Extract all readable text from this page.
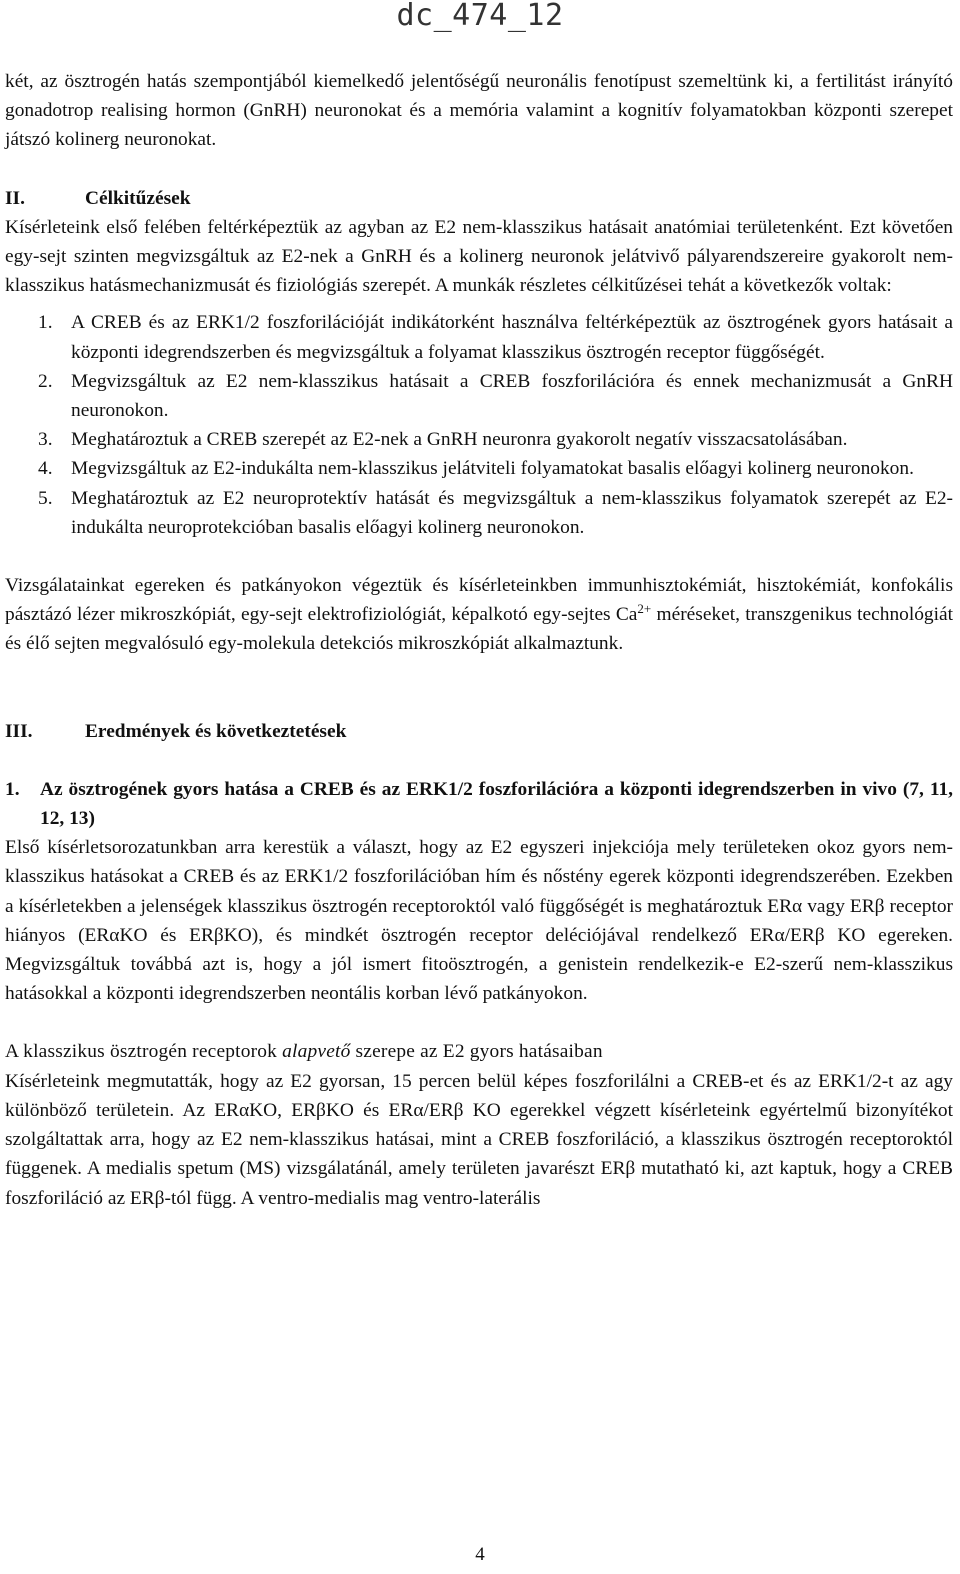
dc_474_12

két, az ösztrogén hatás szempontjából kiemelkedő jelentőségű neuronális fenotípust szemeltünk ki, a fertilitást irányító gonadotrop realising hormon (GnRH) neuronokat és a memória valamint a kognitív folyamatokban központi szerepet játszó kolinerg neuronokat.

II.	Célkitűzések

Kísérleteink első felében feltérképeztük az agyban az E2 nem-klasszikus hatásait anatómiai területenként. Ezt követően egy-sejt szinten megvizsgáltuk az E2-nek a GnRH és a kolinerg neuronok jelátvivő pályarendszereire gyakorolt nem-klasszikus hatásmechanizmusát és fiziológiás szerepét. A munkák részletes célkitűzései tehát a következők voltak:

1. A CREB és az ERK1/2 foszforilációját indikátorként használva feltérképeztük az ösztrogének gyors hatásait a központi idegrendszerben és megvizsgáltuk a folyamat klasszikus ösztrogén receptor függőségét.
2. Megvizsgáltuk az E2 nem-klasszikus hatásait a CREB foszforilációra és ennek mechanizmusát a GnRH neuronokon.
3. Meghatároztuk a CREB szerepét az E2-nek a GnRH neuronra gyakorolt negatív visszacsatolásában.
4. Megvizsgáltuk az E2-indukálta nem-klasszikus jelátviteli folyamatokat basalis előagyi kolinerg neuronokon.
5. Meghatároztuk az E2 neuroprotektív hatását és megvizsgáltuk a nem-klasszikus folyamatok szerepét az E2-indukálta neuroprotekcióban basalis előagyi kolinerg neuronokon.

Vizsgálatainkat egereken és patkányokon végeztük és kísérleteinkben immunhisztokémiát, hisztokémiát, konfokális pásztázó lézer mikroszkópiát, egy-sejt elektrofiziológiát, képalkotó egy-sejtes $Ca^{2+}$ méréseket, transzgenikus technológiát és élő sejten megvalósuló egy-molekula detekciós mikroszkópiát alkalmaztunk.

III.	Eredmények és következtetések
1.	Az ösztrogének gyors hatása a CREB és az ERK1/2 foszforilációra a központi idegrendszerben in vivo (7, 11, 12, 13)

Első kísérletsorozatunkban arra kerestük a választ, hogy az E2 egyszeri injekciója mely területeken okoz gyors nem-klasszikus hatásokat a CREB és az ERK1/2 foszforilációban hím és nőstény egerek központi idegrendszerében. Ezekben a kísérletekben a jelenségek klasszikus ösztrogén receptoroktól való függőségét is meghatároztuk ERα vagy ERβ receptor hiányos (ERαKO és ERβKO), és mindkét ösztrogén receptor deléciójával rendelkező ERα/ERβ KO egereken. Megvizsgáltuk továbbá azt is, hogy a jól ismert fitoösztrogén, a genistein rendelkezik-e E2-szerű nem-klasszikus hatásokkal a központi idegrendszerben neontális korban lévő patkányokon.

A klasszikus ösztrogén receptorok alapvető szerepe az E2 gyors hatásaiban

Kísérleteink megmutatták, hogy az E2 gyorsan, 15 percen belül képes foszforilálni a CREB-et és az ERK1/2-t az agy különböző területein. Az ERαKO, ERβKO és ERα/ERβ KO egerekkel végzett kísérleteink egyértelmű bizonyítékot szolgáltattak arra, hogy az E2 nem-klasszikus hatásai, mint a CREB foszforiláció, a klasszikus ösztrogén receptoroktól függenek. A medialis spetum (MS) vizsgálatánál, amely területen javarészt ERβ mutatható ki, azt kaptuk, hogy a CREB foszforiláció az ERβ-tól függ. A ventro-medialis mag ventro-laterális

4
